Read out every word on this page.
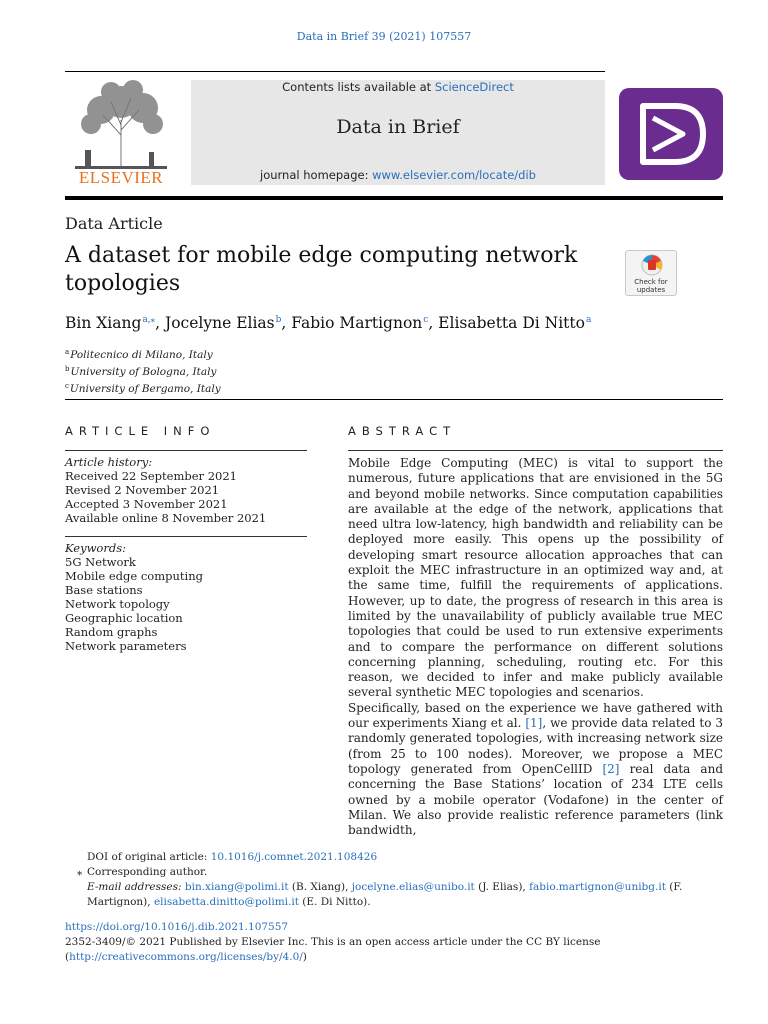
Data in Brief 39 (2021) 107557
ELSEVIER
Contents lists available at ScienceDirect
Data in Brief
journal homepage: www.elsevier.com/locate/dib
Data Article
A dataset for mobile edge computing network topologies	Check for updates
Bin Xiang$^{a,⁎}$, Jocelyne Elias$^b$, Fabio Martignon$^c$, Elisabetta Di Nitto$^a$
$^a$Politecnico di Milano, Italy
$^b$University of Bologna, Italy
$^c$University of Bergamo, Italy
ARTICLE INFO
Article history:
Received 22 September 2021
Revised 2 November 2021
Accepted 3 November 2021
Available online 8 November 2021
Keywords:
5G Network
Mobile edge computing
Base stations
Network topology
Geographic location
Random graphs
Network parameters
ABSTRACT

Mobile Edge Computing (MEC) is vital to support the numerous, future applications that are envisioned in the 5G and beyond mobile networks. Since computation capabilities are available at the edge of the network, applications that need ultra low-latency, high bandwidth and reliability can be deployed more easily. This opens up the possibility of developing smart resource allocation approaches that can exploit the MEC infrastructure in an optimized way and, at the same time, fulfill the requirements of applications. However, up to date, the progress of research in this area is limited by the unavailability of publicly available true MEC topologies that could be used to run extensive experiments and to compare the performance on different solutions concerning planning, scheduling, routing etc. For this reason, we decided to infer and make publicly available several synthetic MEC topologies and scenarios.

Specifically, based on the experience we have gathered with our experiments Xiang et al. [1], we provide data related to 3 randomly generated topologies, with increasing network size (from 25 to 100 nodes). Moreover, we propose a MEC topology generated from OpenCellID [2] real data and concerning the Base Stations’ location of 234 LTE cells owned by a mobile operator (Vodafone) in the center of Milan. We also provide realistic reference parameters (link bandwidth,

DOI of original article: 10.1016/j.comnet.2021.108426
⁎ Corresponding author.
E-mail addresses: bin.xiang@polimi.it (B. Xiang), jocelyne.elias@unibo.it (J. Elias), fabio.martignon@unibg.it (F. Martignon), elisabetta.dinitto@polimi.it (E. Di Nitto).
https://doi.org/10.1016/j.dib.2021.107557
2352-3409/© 2021 Published by Elsevier Inc. This is an open access article under the CC BY license
(http://creativecommons.org/licenses/by/4.0/)
